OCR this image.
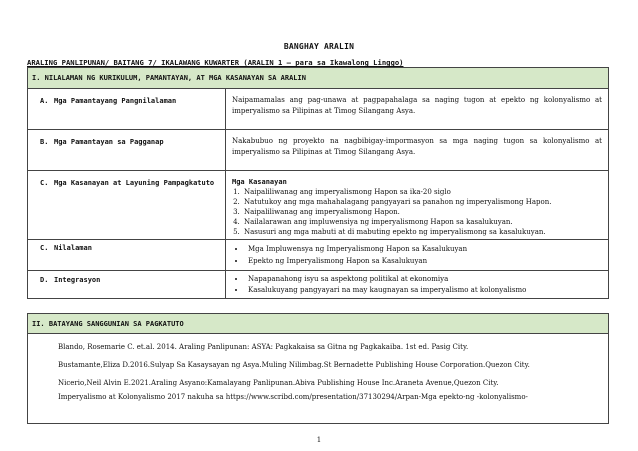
BANGHAY ARALIN
ARALING PANLIPUNAN/ BAITANG 7/ IKALAWANG KUWARTER (ARALIN 1 – para sa Ikawalong Linggo)
I. NILALAMAN NG KURIKULUM, PAMANTAYAN, AT MGA KASANAYAN SA ARALIN
A. Mga Pamantayang Pangnilalaman	Naipamamalas ang pag-unawa at pagpapahalaga sa naging tugon at epekto ng kolonyalismo at imperyalismo sa Pilipinas at Timog Silangang Asya.
B. Mga Pamantayan sa Pagganap	Nakabubuo ng proyekto na nagbibigay-impormasyon sa mga naging tugon sa kolonyalismo at imperyalismo sa Pilipinas at Timog Silangang Asya.
C. Mga Kasanayan at Layuning Pampagkatuto	Mga Kasanayan
1. Naipaliliwanag ang imperyalismong Hapon sa ika-20 siglo
2. Natutukoy ang mga mahahalagang pangyayari sa panahon ng imperyalismong Hapon.
3. Naipaliliwanag ang imperyalismong Hapon.
4. Nailalarawan ang impluwensiya ng imperyalismong Hapon sa kasalukuyan.
5. Nasusuri ang mga mabuti at di mabuting epekto ng imperyalismong sa kasalukuyan.
C. Nilalaman	• Mga Impluwensya ng Imperyalismong Hapon sa Kasalukuyan
• Epekto ng Imperyalismong Hapon sa Kasalukuyan
D. Integrasyon	• Napapanahong isyu sa aspektong politikal at ekonomiya
• Kasalukuyang pangyayari na may kaugnayan sa imperyalismo at kolonyalismo
II. BATAYANG SANGGUNIAN SA PAGKATUTO
Blando, Rosemarie C. et.al. 2014. Araling Panlipunan: ASYA: Pagkakaisa sa Gitna ng Pagkakaiba. 1st ed. Pasig City.
Bustamante,Eliza D.2016.Sulyap Sa Kasaysayan ng Asya.Muling Nilimbag.St Bernadette Publishing House Corporation.Quezon City.
Nicerio,Neil Alvin E.2021.Araling Asyano:Kamalayang Panlipunan.Abiva Publishing House Inc.Araneta Avenue,Quezon City.
Imperyalismo at Kolonyalismo 2017 nakuha sa https://www.scribd.com/presentation/37130294/Arpan-Mga epekto-ng -kolonyalismo-
1
